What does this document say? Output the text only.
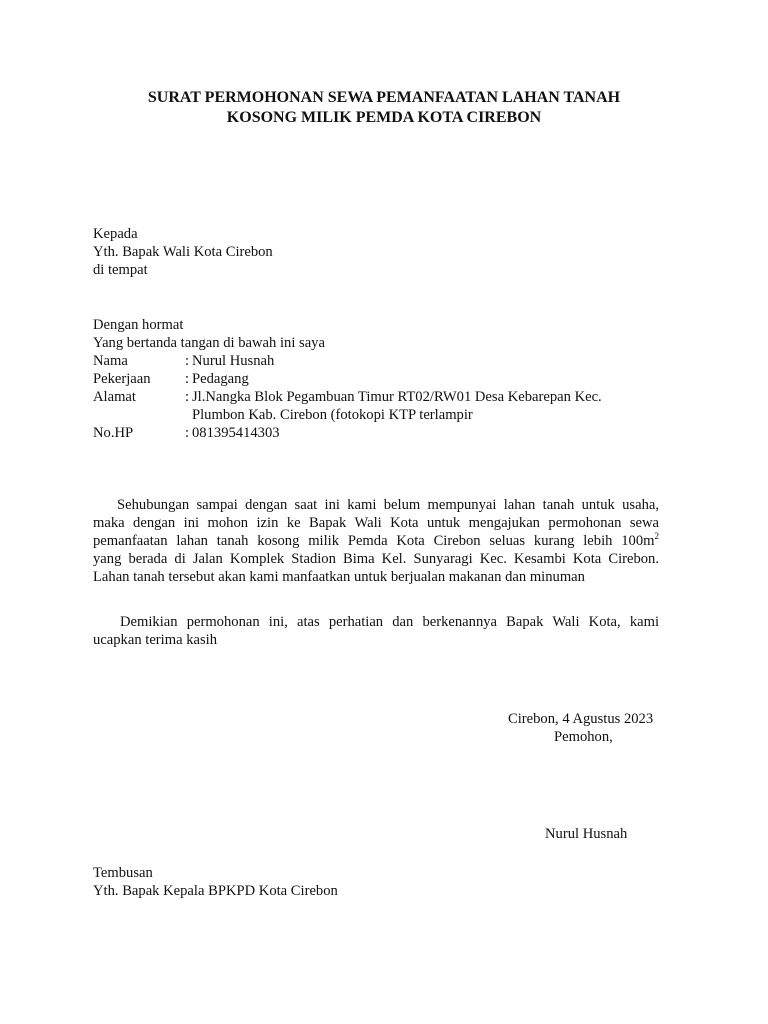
SURAT PERMOHONAN SEWA PEMANFAATAN LAHAN TANAH
KOSONG MILIK PEMDA KOTA CIREBON
Kepada
Yth. Bapak Wali Kota Cirebon
di tempat
Dengan hormat
Yang bertanda tangan di bawah ini saya
Nama	: Nurul Husnah
Pekerjaan : Pedagang
Alamat	: Jl.Nangka Blok Pegambuan Timur RT02/RW01 Desa Kebarepan Kec.
Plumbon Kab. Cirebon (fotokopi KTP terlampir
No.HP	: 081395414303
Sehubungan sampai dengan saat ini kami belum mempunyai lahan tanah untuk usaha,
maka dengan ini mohon izin ke Bapak Wali Kota untuk mengajukan permohonan sewa
pemanfaatan lahan tanah kosong milik Pemda Kota Cirebon seluas kurang lebih $100m^2$
yang berada di Jalan Komplek Stadion Bima Kel. Sunyaragi Kec. Kesambi Kota Cirebon.
Lahan tanah tersebut akan kami manfaatkan untuk berjualan makanan dan minuman
Demikian permohonan ini, atas perhatian dan berkenannya Bapak Wali Kota, kami
ucapkan terima kasih
Cirebon, 4 Agustus 2023
Pemohon,
Nurul Husnah
Tembusan
Yth. Bapak Kepala BPKPD Kota Cirebon
